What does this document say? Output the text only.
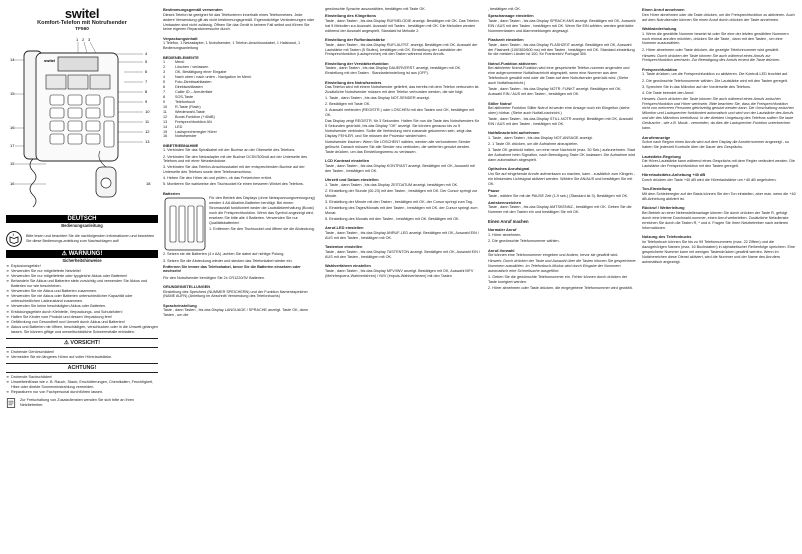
switel
Komfort-Telefon mit Notrufsender
TF560
1 2 3
4
5
6
7
8
9
10
11
12
13
14
15
16
17
15
16	18
switel
DEUTSCH
Bedienungsanleitung
i	Bitte lesen und beachten Sie die nachfolgenden Informationen und bewahren Sie diese Bedienungs-anleitung zum Nachschlagen auf!
⚠ WARNUNG!
Sicherheitshinweise
➜ Explosionsgefahr!
➜ Verwenden Sie nur mitgelieferte Netzteile!
➜ Verwenden Sie nur mitgelieferte oder typgleiche Akkus oder Batterien!
➜ Behandeln Sie Akkus und Batterien stets vorsichtig und verwenden Sie Akkus und Batterien nur wie beschrieben.
➜ Verwenden Sie nie Akkus und Batterien zusammen.
➜ Verwenden Sie nie Akkus oder Batterien unterschiedlicher Kapazität oder unterschiedlichen Ladezustand zusammen.
➜ Verwenden Sie keine beschädigten Akkus oder Batterien.
➜ Erstickungsgefahr durch Kleinteile, Verpackungs- und Schutzfolien!
➜ Halten Sie Kinder vom Produkt und dessen Verpackung fern!
➜ Gefährdung von Gesundheit und Umwelt durch Akkus und Batterien!
➜ Akkus und Batterien nie öffnen, beschädigen, verschlucken oder in die Umwelt gelangen lassen. Sie können giftige und umweltschädliche Schwermetalle enthalten.
⚠ VORSICHT!
➜ Drohende Gehörschäden!
➜ Vermeiden Sie ein längeres Hören auf voller Hörerlautstärke.
ACHTUNG!
➜ Drohende Sachschäden!
➜ Umwelteinflüsse wie z. B. Rauch, Staub, Erschütterungen, Chemikalien, Feuchtigkeit, Hitze oder direkte Sonneneinstrahlung vermeiden.
➜ Reparaturen nur von Fachpersonal durchführen lassen.
Zur Freischaltung von Zusatzdiensten wenden Sie sich bitte an Ihren Netzbetreiber.
Bestimmungsgemäß verwenden

Dieses Telefon ist geeignet für das Telefonieren innerhalb eines Telefonnetzes. Jede andere Verwendung gilt als nicht bestimmungsgemäß. Eigenmächtige Veränderungen oder Umbauten sind nicht zulässig. Öffnen Sie das Gerät in keinem Fall selbst und führen Sie keine eigenen Reparaturversuche durch.

Verpackungsinhalt

1 Telefon, 1 Netzadapter, 1 Notrufsender, 1 Telefon-Anschlusskabel, 1 Halsband, 1 Bedienungsanleitung

BEDIENELEMENTE
1	Menü
2	Löschen / verlassen
3	OK, Bestätigung einer Eingabe
4	Nach oben / nach unten - Navigation im Menü
5	Foto-Direktwahltasten
6	Direktwahltasten
7	Caller ID – Anruferliste
8	SOS-Taste
9	Telefonbuch
10	R-Taste (Flash)
11	Wiederwahl-Taste
12	Boost-Funktion (+40dB)
13	Freisprechfunktion AN
14	LED
15	Lautsprecherregler Hörer
16	Notrufsender
INBETRIEBNAHME

1. Verbinden Sie das Spiralkabel mit der Buchse an der Oberseite des Telefons.

2. Verbinden Sie den Netzadapter mit der Buchse DC5V/300mA auf der Unterseite des Telefons und mit einer Netzsteckdose.

3. Verbinden Sie das Telefon-Anschlusskabel mit der entsprechenden Buchse auf der Unterseite des Telefons sowie dem Telefonanschluss.

4. Heben Sie den Hörer ab und prüfen, ob das Freizeichen ertönt.

5. Montieren Sie wahlweise den Tischsockel für einen besseren Winkel des Telefons.

Batterien

Für den Betrieb des Displays (ohne Netzspannungsversorgung) werden 4 AA Alkaline-Batterien benötigt. Bei einem Stromausfall funktioniert weder die Lautstärkeerhaltung (Boost) noch die Freisprechfunktion. Wenn das Symbol angezeigt wird, ersetzen Sie bitte alle 4 Batterien. Verwenden Sie nur Qualitätsbatterien!

1. Entfernen Sie den Tischsockel und öffnen sie die Abdeckung.

2. Setzen sie die Batterien (4 x AA) ,achten Sie dabei auf richtige Polung.

3. Setzen Sie die Abdeckung wieder und stecken das Telefonkabel wieder ein.

Entfernen Sie immer das Telefonkabel, bevor Sie die Batterien einsetzen oder wechseln!

Für den Notrufsender benötigen Sie 2x CR1220/3V Batterien.

GRUNDEINSTELLUNGEN

Einstellung des Speichers (NUMMER SPEICHERN) und der Funktion Namensspeicher (NAME AUFN) (Anleitung im Abschnitt Verwendung des Telefonbuchs)

Spracheinstellung

Taste , dann Tasten , bis das Display LANGUAGE / SPRACHE anzeigt. Taste OK, dann Tasten , um die

gewünschte Sprache auszuwählen, bestätigen mit Taste OK.

Einstellung des Klingeltons

Taste , dann Tasten , bis das Display RUFMELODIE anzeigt. Bestätigen mit OK. Das Telefon hat 5 Melodien zur Auswahl. Auswahl mit Tasten . bestätigen mit OK. Die Melodien werden während der Auswahl angespielt, Standard ist Melodie 2.

Einstellung der Ruftonlautstärke

Taste , dann Tasten , bis das Display RUFLAUTST. anzeigt. Bestätigen mit OK. Auswahl der Lautstärke mit Tasten (5 Stufen), bestätigen mit OK. Einstellung der Lautstärke der Freisprechfunktion (Lautsprecher) mit den Tasten während eines Anrufs.

Einstellung der Verstärkerfunktion

Tasten , dann Tasten , bis das Display DAUERVERST. anzeigt, bestätigen mit OK. Einstellung mit den Tasten . Standardeinstellung ist aus (OFF).

Einstellung des Notrufsenders

Das Telefon wird mit einem Notrufsender geliefert, das bereits mit dem Telefon verbunden ist. Zusätzliche Notrufsender müssen mit dem Telefon verbunden werden, die wie folgt:

1. Taste , dann Tasten , bis das Display NOT-SENDER anzeigt.

2. Bestätigen mit Taste OK.

3. Auswahl verbinden (REGISTR.) oder LÖSCHEN mit den Tasten und OK, bestätigen mit OK.

Das Display zeigt REGISTR. für 3 Sekunden. Halten Sie nun die Taste des Notrufsenders für 5 Sekunden gedrückt, bis das Display "OK" anzeigt. Sie können genauso bis zu 5 Notrufsender verbinden. Sollte die Verbindung nicht zustande gekommen sein, zeigt das Display FEHLER, und Sie müssen die Prozedur wiederholen.

Notrufsender löschen: Wenn Sie LÖSCHEN? wählen, werden alle verbundenen Sender gelöscht. Danach müssen Sie alle Sender neu verbinden, die weiterhin genutzt werden. Taste drücken, um das Einstellungsmenu zu verlassen.

LCD Kontrast einstellen

Taste , dann Tasten , bis das Display KONTRAST anzeigt. Bestätigen mit OK, Auswahl mit den Tasten , bestätigen mit OK.

Uhrzeit und Datum einstellen

1. Taste , dann Tasten , bis das Display ZEITDATUM anzeigt, bestätigen mit OK.

2. Einstellung der Stunde (00-23) mit den Tasten , bestätigen mit OK. Der Cursor springt zur Minute.

3. Einstellung der Minute mit den Tasten , bestätigen mit OK. der Cursor springt zum Tag.

4. Einstellung des Tages/Monats mit den Tasten , bestätigen mit OK. der Cursor springt zum Monat.

5. Einstellung des Monats mit den Tasten , bestätigen mit OK. Bestätigen mit OK.

Anruf-LED einstellen

Taste , dann Tasten , bis das Display ANRUF-LED anzeigt. Bestätigen mit OK, Auswahl EIN / AUS mit den Tasten , bestätigen mit OK.

Tastenton einstellen

Taste , dann Tasten , bis das Display TASTENTON anzeigt. Bestätigen mit OK, Auswahl EIN / AUS mit den Tasten , bestätigen mit OK.

Wahlverfahren einstellen

Taste , dann Tasten , bis das Display MFV/IWV anzeigt. Bestätigen mit OK, Auswahl MFV (Mehrfrequenz-Wahlverfahren) / IWV (Impuls-Wahlverfahren) mit den Tasten

, bestätigen mit OK.

Sprachansage einstellen

Taste , dann Tasten , bis das Display SPRACH ANS anzeigt. Bestätigen mit OK, Auswahl EIN / AUS mit den Tasten , bestätigen mit OK. Wenn Sie EIN wählen, werden gedrückte Nummerntasten und Alarmmeldungen angesagt.

Flashzeit einstellen

Taste , dann Tasten , bis das Display FLASHZEIT anzeigt. Bestätigen mit OK, Auswahl der Flashzeit (100/300/600 ms) mit den Tasten , bestätigen mit OK. Standard-einstellung für die meisten Länder ist 100, für Frankreich/ Portugal 300.

Notruf-Funktion aktivieren

Bei aktivierter Notruf-Funktion wird eine gespeicherte Telefon-nummer angerufen und eine aufgenommene Notfallnachricht abgespielt, wenn eine Nummer aus dem Telefonbuch gewählt wird oder die Taste auf dem Notrufsender gedrückt wird. (Siehe auch Notfallnachricht.)

Taste , dann Tasten , bis das Display NOTR. FUNKT anzeigt. Bestätigen mit OK, Auswahl EIN / AUS mit den Tasten , bestätigen mit OK.

Stiller Notruf

Bei aktivierter Funktion Stiller Notruf ist weder eine Ansage noch ein Klingelton (siehe oben) hörbar. (Siehe auch Notfall-nachricht.)

Taste , dann Tasten , bis das Display STILL.NOTR anzeigt. Bestätigen mit OK, Auswahl EIN / AUS mit den Tasten , bestätigen mit OK.

Notfallnachricht aufnehmen

1. Taste , dann Tasten , bis das Display NOT-ANSAGE anzeigt.

2. 1 Taste OK drücken, um die Aufnahme abzuspielen.

3. Taste OK gedrückt halten, um eine neue Nachricht (max. 30 Sek.) aufzunehmen. Start der Aufnahme beim Signalton, nach Beendigung Taste OK loslassen. Die Aufnahme wird dann automatisch abgespielt.

Optisches Anrufsignal

Um Sie auf eingehende Anrufe aufmerksam zu machen, kann - zusätzlich zum Klingeln - ein blinkendes Lichtsignal aktiviert werden. Wählen Sie AN/AUS und bestätigen Sie mit OK.

Pause

Taste , wählen Sie mit die PAUSE Zeit (1-9 sek.) (Standard ist 3). Bestätigen mit OK.

Amtskennzeichen

Taste , dann Tasten , bis das Display AMTSKENNZ., bestätigen mit OK. Geben Sie die Nummer mit den Tasten ein und bestätigen Sie mit OK.

Einen Anruf machen
Normaler Anruf

1. Hörer abnehmen.

2. Die gewünschte Telefonnummer wählen.

Anruf-Vorwahl

Sie können eine Telefonnummer eingeben und ändern, bevor sie gewählt wird.

Hinweis: Durch drücken der Taste und Auswahl über die Tasten können Sie gespeicherte Nummern auswählen. Im Telefonbuch-Modus wird durch Eingabe der Nummern automatisch eine Schnellsuche ausgeführt.

1. Geben Sie die gewünschte Telefonnummer ein. Fehler können durch drücken der Taste korrigiert werden.

2. Hörer abnehmen oder Taste drücken, die eingegebene Telefonnummer wird gewählt.

Einen Anruf annehmen

Den Hörer abnehmen oder die Taste drücken, um die Freisprechfunktion zu aktivieren. Auch auf dem Notrufsender können Sie einen Anruf durch drücken der Taste annehmen.

Wahlwiederholung

1. Wenn die gewählte Nummer besetzt ist oder Sie eine der letzten gewählten Nummern noch einmal anrufen möchten, drücken Sie die Taste , dann mit den Tasten , um eine Nummer auszuwählen.

2. Hörer abnehmen oder Taste drücken, die gezeigte Telefonnummer wird gewählt.

Hinweis: Durch drücken der Taste können Sie auch während eines Anrufs zur Freisprechfunktion wechseln. Zur Beendigung des Anrufs erneut die Taste drücken.

Freisprechfunktion

1. Taste drücken, um die Freisprechfunktion zu aktivieren. Die Kontroll-LED leuchtet auf.

2. Die gewünschte Telefonnummer wählen. Die Lautstärke wird mit den Tasten geregelt.

3. Sprechen Sie in das Mikrofon auf der Vorderseite des Telefons.

4. Die Taste beendet den Anruf.

Hinweis: Durch drücken der Taste können Sie auch während eines Anrufs zwischen Freisprechfunktion und Hörer wechseln. Bitte beachten Sie, dass die Freisprechfunktion nicht von mehreren Personen gleichzeitig genutzt werden kann. Die Umschaltung zwischen Mikrofon und Lautsprecher funktioniert automatisch und wird von der Lautstärke des Anrufs und der des Mikrofons beeinflusst. In der direkten Umgebung des Telefons sollten Sie laute Geräusche - wie z.B. Musik - vermeiden, da dies die Lautsprecher-Funktion unterbrechen kann.

Anruferanzeige

Sofort nach Beginn eines Anrufs wird auf dem Display die Anrufernummer angezeigt - so haben Sie jederzeit Kontrolle über die Dauer des Gesprächs.

Lautstärke-Regelung

Die Hörer-Lautstärke kann während eines Gesprächs mit dem Regler verändert werden. Die Lautstärke der Freisprechfunktion mit den Tasten geregelt.

Hörerlautstärke-Anhebung +40 dB

Durch drücken der Taste +40 dB wird die Hörerlautstärke um +40 dB angehoben.

Ton-Einstellung

Mit dem Schieberegler auf der Basis können Sie den Ton einstellen, aber max. wenn die +40 dB-Anhebung aktiviert ist.

Rückruf / Weiterleitung

Bei Betrieb an einer Nebenstellenanlage können Sie durch drücken der Taste R, gefolgt durch eine interne Durchwahl-nummer, einen Anruf weiterleiten. Zusätzliche Netzdienste erreichen Sie durch die Tasten R, * und #. Fragen Sie Ihren Netzbetreiber nach weiteren Informationen.

Nutzung des Telefonbuchs

Im Telefonbuch können Sie bis zu 99 Telefonnummern (max. 22 Ziffern) und die dazugehörigen Namen (max. 16 Buchstaben) in alphabetischer Reihenfolge speichern. Eine gespeicherte Nummer kann mit wenigen Tastendrücken gewählt werden. Wenn im Notizbereichen diese Dienst aktiviert, wird die Nummer und der Name des Anrufers automatisch angezeigt.
